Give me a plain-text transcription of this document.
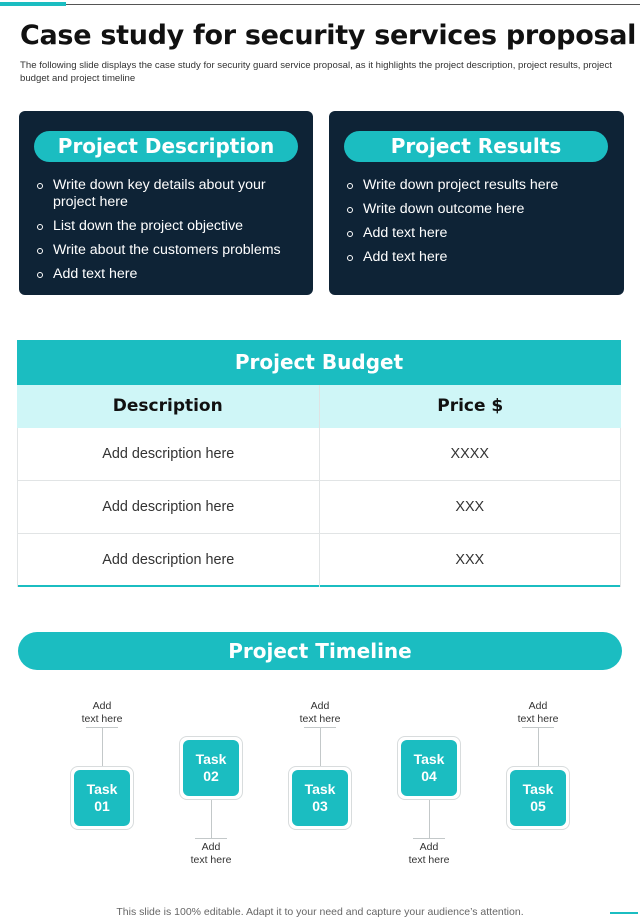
Case study for security services proposal

The following slide displays the case study for security guard service proposal, as it highlights the project description, project results, project budget and project timeline

Project Description
Write down key details about your project here
List down the project objective
Write about the customers problems
Add text here
Project Results
Write down project results here
Write down outcome here
Add text here
Add text here
Project Budget
Description	Price $
Add description here	XXXX
Add description here	XXX
Add description here	XXX
Project Timeline
Add
text here
Task
01
Task
02
Add
text here
Add
text here
Task
03
Task
04
Add
text here
Add
text here
Task
05
This slide is 100% editable. Adapt it to your need and capture your audience’s attention.
